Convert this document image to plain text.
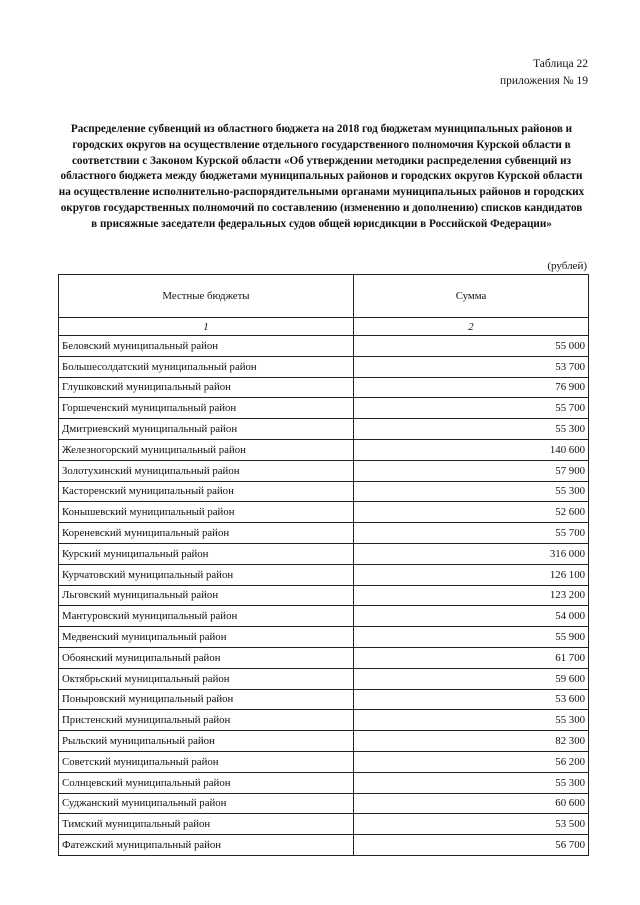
Таблица 22
приложения № 19
Распределение субвенций из областного бюджета на 2018 год бюджетам муниципальных районов и городских округов на осуществление отдельного государственного полномочия Курской области в соответствии с Законом Курской области «Об утверждении методики распределения субвенций из областного бюджета между бюджетами муниципальных районов и городских округов Курской области на осуществление исполнительно-распорядительными органами муниципальных районов и городских округов государственных полномочий по составлению (изменению и дополнению) списков кандидатов в присяжные заседатели федеральных судов общей юрисдикции в Российской Федерации»
(рублей)
Местные бюджеты	Сумма
1	2
Беловский муниципальный район	55 000
Большесолдатский муниципальный район	53 700
Глушковский муниципальный район	76 900
Горшеченский муниципальный район	55 700
Дмитриевский муниципальный район	55 300
Железногорский муниципальный район	140 600
Золотухинский муниципальный район	57 900
Касторенский муниципальный район	55 300
Конышевский муниципальный район	52 600
Кореневский муниципальный район	55 700
Курский муниципальный район	316 000
Курчатовский муниципальный район	126 100
Льговский муниципальный район	123 200
Мантуровский муниципальный район	54 000
Медвенский муниципальный район	55 900
Обоянский муниципальный район	61 700
Октябрьский муниципальный район	59 600
Поныровский муниципальный район	53 600
Пристенский муниципальный район	55 300
Рыльский муниципальный район	82 300
Советский муниципальный район	56 200
Солнцевский муниципальный район	55 300
Суджанский муниципальный район	60 600
Тимский муниципальный район	53 500
Фатежский муниципальный район	56 700
